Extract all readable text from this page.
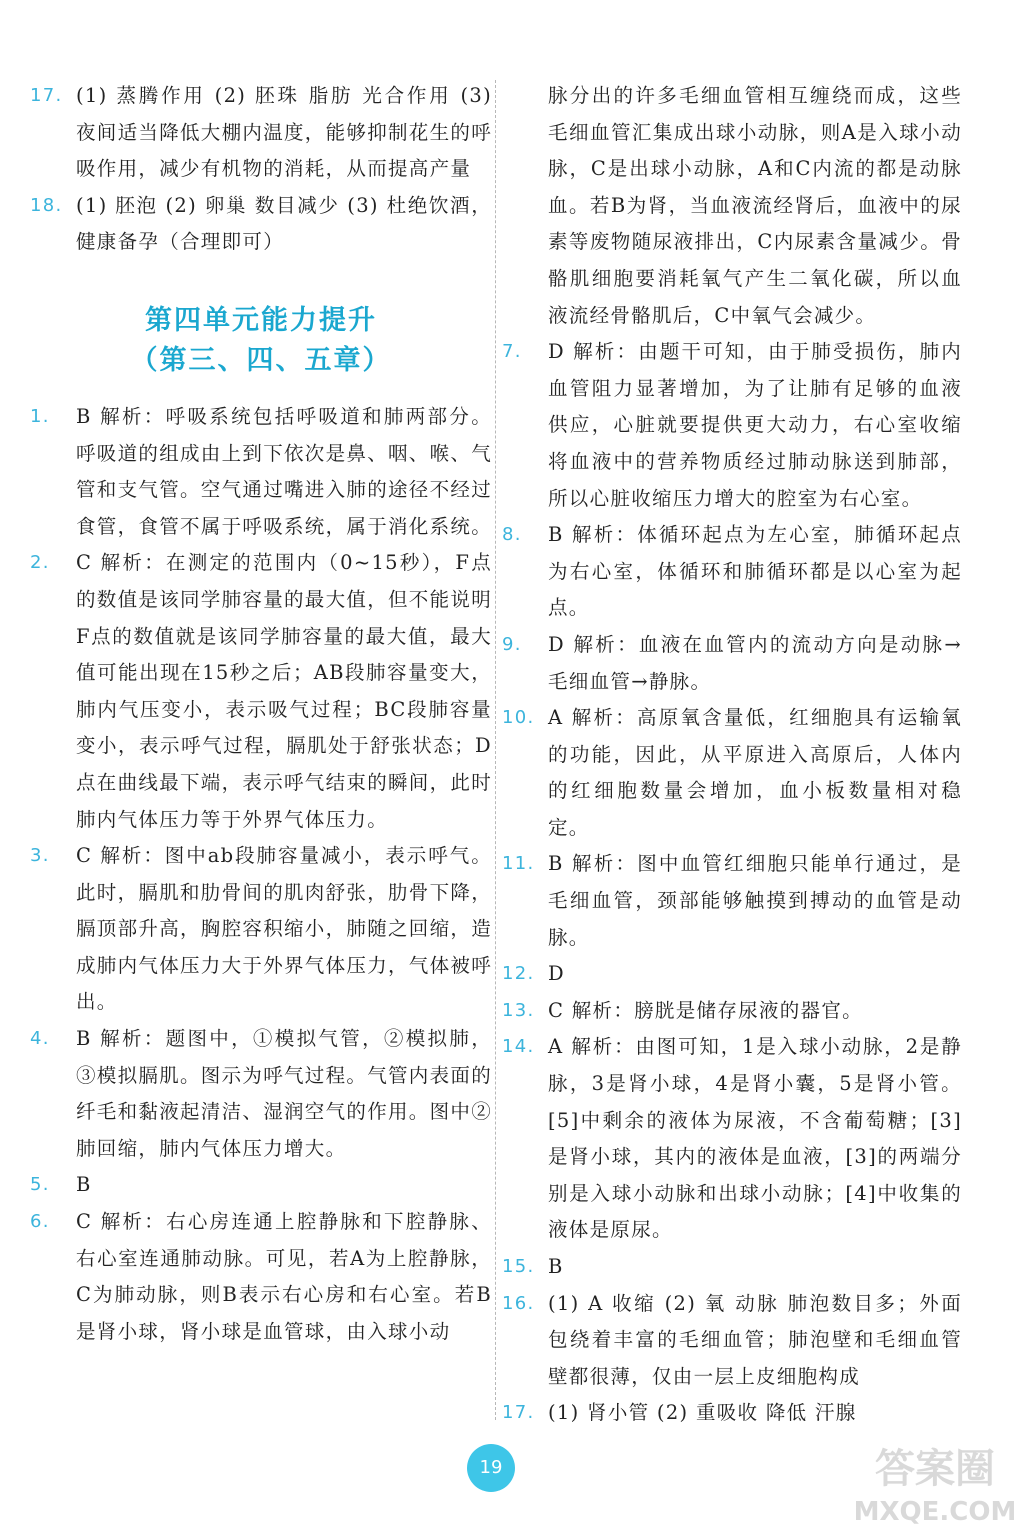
17. (1) 蒸腾作用 (2) 胚珠 脂肪 光合作用 (3) 夜间适当降低大棚内温度，能够抑制花生的呼吸作用，减少有机物的消耗，从而提高产量
18. (1) 胚泡 (2) 卵巢 数目减少 (3) 杜绝饮酒，健康备孕（合理即可）
第四单元能力提升
（第三、四、五章）
1.	B 解析：呼吸系统包括呼吸道和肺两部分。呼吸道的组成由上到下依次是鼻、咽、喉、气管和支气管。空气通过嘴进入肺的途径不经过食管，食管不属于呼吸系统，属于消化系统。
2.	C 解析：在测定的范围内（0~15秒），F点的数值是该同学肺容量的最大值，但不能说明F点的数值就是该同学肺容量的最大值，最大值可能出现在15秒之后；AB段肺容量变大，肺内气压变小，表示吸气过程；BC段肺容量变小，表示呼气过程，膈肌处于舒张状态；D点在曲线最下端，表示呼气结束的瞬间，此时肺内气体压力等于外界气体压力。
3.	C 解析：图中ab段肺容量减小，表示呼气。此时，膈肌和肋骨间的肌肉舒张，肋骨下降，膈顶部升高，胸腔容积缩小，肺随之回缩，造成肺内气体压力大于外界气体压力，气体被呼出。
4.	B 解析：题图中，①模拟气管，②模拟肺，③模拟膈肌。图示为呼气过程。气管内表面的纤毛和黏液起清洁、湿润空气的作用。图中②肺回缩，肺内气体压力增大。
5.	B
6.	C 解析：右心房连通上腔静脉和下腔静脉、右心室连通肺动脉。可见，若A为上腔静脉，C为肺动脉，则B表示右心房和右心室。若B是肾小球，肾小球是血管球，由入球小动
脉分出的许多毛细血管相互缠绕而成，这些毛细血管汇集成出球小动脉，则A是入球小动脉，C是出球小动脉，A和C内流的都是动脉血。若B为肾，当血液流经肾后，血液中的尿素等废物随尿液排出，C内尿素含量减少。骨骼肌细胞要消耗氧气产生二氧化碳，所以血液流经骨骼肌后，C中氧气会减少。
7.	D 解析：由题干可知，由于肺受损伤，肺内血管阻力显著增加，为了让肺有足够的血液供应，心脏就要提供更大动力，右心室收缩将血液中的营养物质经过肺动脉送到肺部，所以心脏收缩压力增大的腔室为右心室。
8.	B 解析：体循环起点为左心室，肺循环起点为右心室，体循环和肺循环都是以心室为起点。
9.	D 解析：血液在血管内的流动方向是动脉→毛细血管→静脉。
10. A 解析：高原氧含量低，红细胞具有运输氧的功能，因此，从平原进入高原后，人体内的红细胞数量会增加，血小板数量相对稳定。
11. B 解析：图中血管红细胞只能单行通过，是毛细血管，颈部能够触摸到搏动的血管是动脉。
12. D
13. C 解析：膀胱是储存尿液的器官。
14. A 解析：由图可知，1是入球小动脉，2是静脉，3是肾小球，4是肾小囊，5是肾小管。[5]中剩余的液体为尿液，不含葡萄糖；[3]是肾小球，其内的液体是血液，[3]的两端分别是入球小动脉和出球小动脉；[4]中收集的液体是原尿。
15. B
16. (1) A 收缩 (2) 氧 动脉 肺泡数目多；外面包绕着丰富的毛细血管；肺泡壁和毛细血管壁都很薄，仅由一层上皮细胞构成
17. (1) 肾小管 (2) 重吸收 降低 汗腺
19	答案圈
MXQE.COM
